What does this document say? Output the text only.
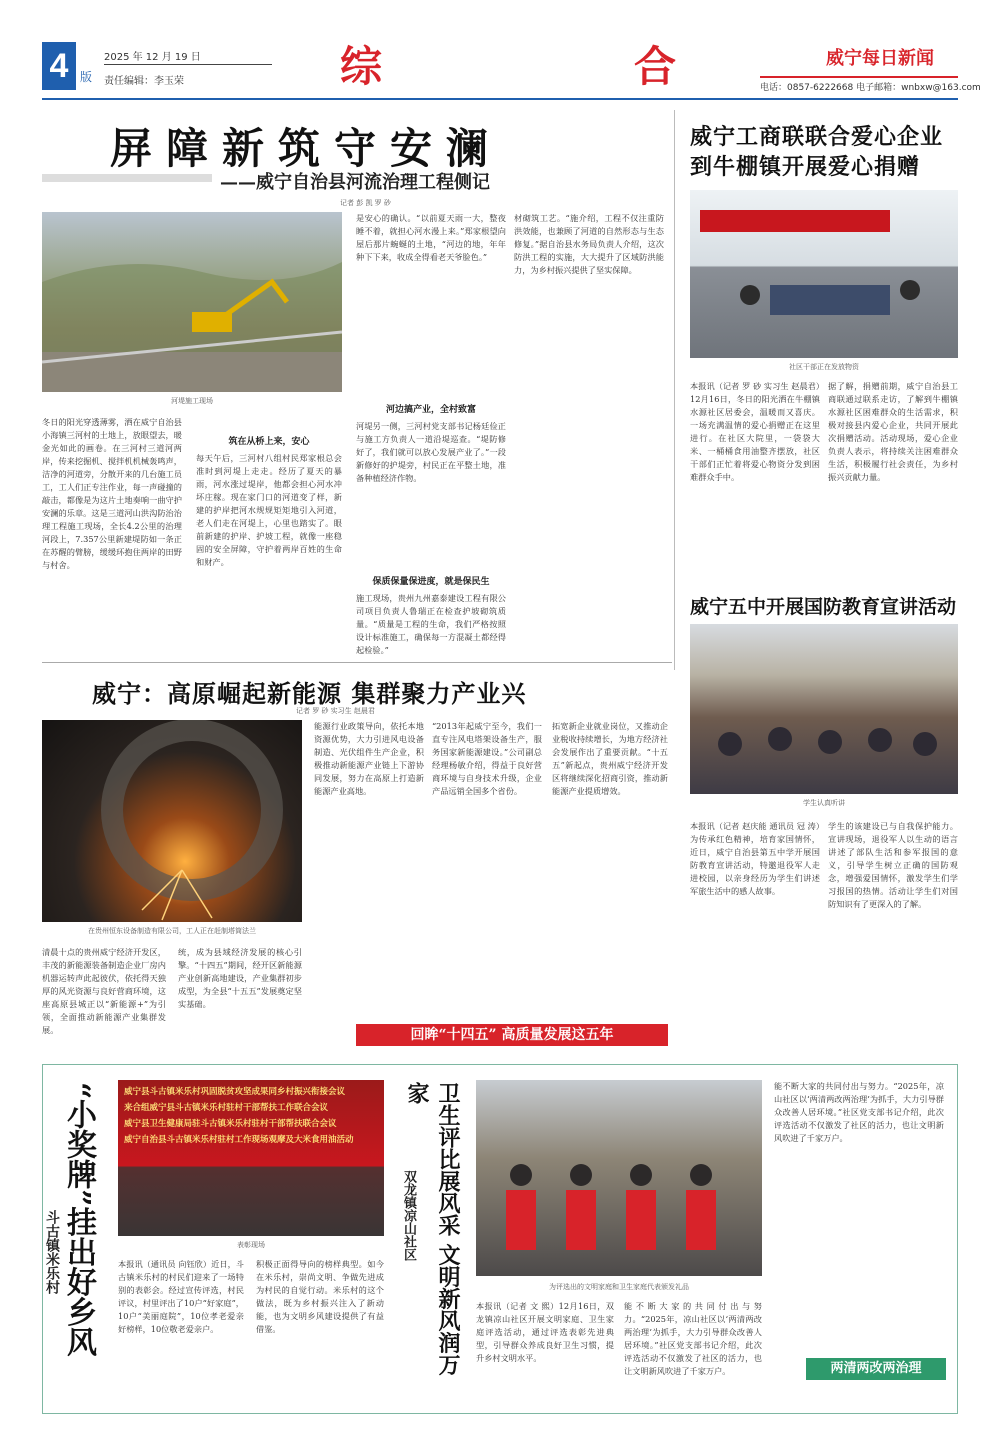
4 版
2025 年 12 月 19 日
责任编辑：李玉荣	综	合	威宁每日新闻
电话：0857-6222668 电子邮箱：wnbxw@163.com
屏障新筑守安澜
——威宁自治县河流治理工程侧记
记者 彭 凯 罗 砂
河堤施工现场
冬日的阳光穿透薄雾，洒在威宁自治县小海镇三河村的土地上，放眼望去，暖金光如此的画卷。在三河村三道河两岸，传来挖掘机、搅拌机机械轰鸣声，洁净的河道旁，分散开来的几台施工员工，工人们正专注作业，每一声碰撞的敲击，都像是为这片土地奏响一曲守护安澜的乐章。这是三道河山洪沟防治治理工程施工现场，全长4.2公里的治理河段上，7.357公里新建堤防如一条正在苏醒的臂膀，缓缓环抱住两岸的田野与村舍。
筑在从桥上来，安心
每天午后，三河村八组村民郑家根总会准时到河堤上走走。经历了夏天的暴雨，河水涨过堤岸，他都会担心河水冲坏庄稼。现在家门口的河道变了样，新建的护岸把河水规规矩矩地引入河道，老人们走在河堤上，心里也踏实了。眼前新建的护岸、护坡工程，就像一座稳固的安全屏障，守护着两岸百姓的生命和财产。
是安心的确认。“以前夏天雨一大，整夜睡不着，就担心河水漫上来。”郑家根望向屋后那片蜿蜒的土地，“河边的地，年年种下下来，收成全得看老天爷脸色。”
河边搞产业，全村致富
河堤另一侧，三河村党支部书记杨廷俭正与施工方负责人一道沿堤巡查。“堤防修好了，我们就可以放心发展产业了。”一段新修好的护堤旁，村民正在平整土地，准备种植经济作物。
保质保量保进度，就是保民生
施工现场，贵州九州嘉泰建设工程有限公司项目负责人鲁瑞正在检查护坡砌筑质量。“质量是工程的生命，我们严格按照设计标准施工，确保每一方混凝土都经得起检验。”
材砌筑工艺。“施介绍，工程不仅注重防洪效能，也兼顾了河道的自然形态与生态修复。”据自治县水务局负责人介绍，这次防洪工程的实施，大大提升了区域防洪能力，为乡村振兴提供了坚实保障。
威宁工商联联合爱心企业
到牛棚镇开展爱心捐赠
社区干部正在发放物资
本报讯（记者 罗 砂 实习生 赵晨君）12月16日，冬日的阳光洒在牛棚镇水源社区居委会，温暖而又喜庆。一场充满温情的爱心捐赠正在这里进行。在社区大院里，一袋袋大米、一桶桶食用油整齐摆放，社区干部们正忙着将爱心物资分发到困难群众手中。
据了解，捐赠前期，威宁自治县工商联通过联系走访，了解到牛棚镇水源社区困难群众的生活需求，积极对接县内爱心企业，共同开展此次捐赠活动。活动现场，爱心企业负责人表示，将持续关注困难群众生活，积极履行社会责任，为乡村振兴贡献力量。
威宁五中开展国防教育宣讲活动
学生认真听讲
本报讯（记者 赵庆能 通讯员 冠 涛）为传承红色精神，培育家国情怀，近日，威宁自治县第五中学开展国防教育宣讲活动，特邀退役军人走进校园，以亲身经历为学生们讲述军旅生活中的感人故事。
学生的该建设已与自我保护能力。宣讲现场，退役军人以生动的语言讲述了部队生活和参军报国的意义，引导学生树立正确的国防观念，增强爱国情怀，激发学生们学习报国的热情。活动让学生们对国防知识有了更深入的了解。
威宁：高原崛起新能源 集群聚力产业兴
记者 罗 砂 实习生 赵晨君
在贵州恒东设备制造有限公司，工人正在赶制塔筒法兰
清晨十点的贵州威宁经济开发区，丰茂的新能源装备制造企业厂房内机器运转声此起彼伏，依托得天独厚的风光资源与良好营商环境，这座高原县城正以“新能源+”为引领，全面推动新能源产业集群发展。
统，成为县域经济发展的核心引擎。“十四五”期间，经开区新能源产业创新高地建设，产业集群初步成型，为全县“十五五”发展奠定坚实基础。
能源行业政策导向，依托本地资源优势，大力引进风电设备制造、光伏组件生产企业，积极推动新能源产业链上下游协同发展，努力在高原上打造新能源产业高地。
“2013年起威宁至今，我们一直专注风电塔架设备生产，服务国家新能源建设。”公司副总经理杨敏介绍，得益于良好营商环境与自身技术升级，企业产品远销全国多个省份。
拓宽新企业就业岗位，又推动企业税收持续增长，为地方经济社会发展作出了重要贡献。“十五五”新起点，贵州威宁经济开发区将继续深化招商引资，推动新能源产业提质增效。
回眸“十四五” 高质量发展这五年
“小奖牌”挂出好乡风
斗古镇米乐村
威宁县斗古镇米乐村巩固脱贫攻坚成果同乡村振兴衔接会议
来合组威宁县斗古镇米乐村驻村干部帮扶工作联合会议
威宁县卫生健康局驻斗古镇米乐村驻村干部帮扶联合会议
威宁自治县斗古镇米乐村驻村工作现场观摩及大米食用油活动
表彰现场
本报讯（通讯员 向钰欣）近日，斗古镇米乐村的村民们迎来了一场特别的表彰会。经过宣传评选，村民评议，村里评出了10户“好家庭”，10户“美丽庭院”，10位孝老爱亲好榜样，10位敬老爱亲户。
积极正面得导向的榜样典型。如今在米乐村，崇尚文明、争做先进成为村民的自觉行动。米乐村的这个做法，既为乡村振兴注入了新动能，也为文明乡风建设提供了有益借鉴。	卫生评比展风采 文明新风润万家
双龙镇凉山社区
为评选出的文明家庭和卫生家庭代表颁发礼品
本报讯（记者 文 熙）12月16日，双龙镇凉山社区开展文明家庭、卫生家庭评选活动，通过评选表彰先进典型，引导群众养成良好卫生习惯，提升乡村文明水平。
能不断大家的共同付出与努力。“2025年，凉山社区以‘两清两改两治理’为抓手，大力引导群众改善人居环境。”社区党支部书记介绍，此次评选活动不仅激发了社区的活力，也让文明新风吹进了千家万户。
能不断大家的共同付出与努力。“2025年，凉山社区以‘两清两改两治理’为抓手，大力引导群众改善人居环境。”社区党支部书记介绍，此次评选活动不仅激发了社区的活力，也让文明新风吹进了千家万户。
两清两改两治理
